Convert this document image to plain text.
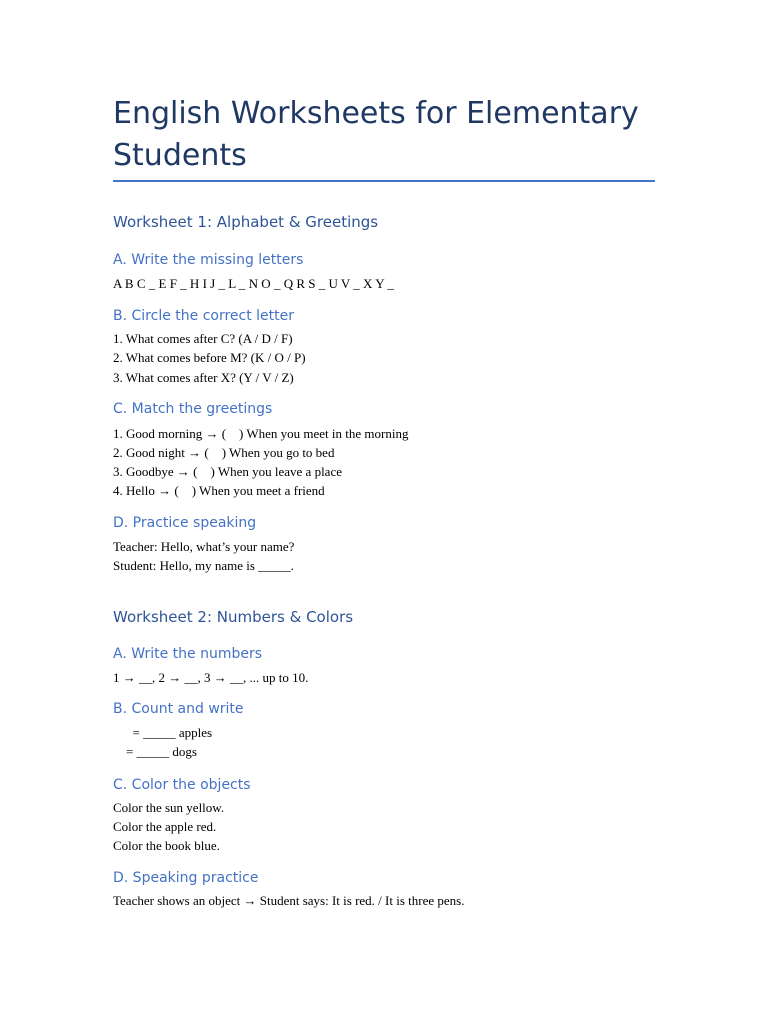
English Worksheets for Elementary Students
Worksheet 1: Alphabet & Greetings
A. Write the missing letters
A B C _ E F _ H I J _ L _ N O _ Q R S _ U V _ X Y _
B. Circle the correct letter
1. What comes after C? (A / D / F)
2. What comes before M? (K / O / P)
3. What comes after X? (Y / V / Z)
C. Match the greetings
1. Good morning → (    ) When you meet in the morning
2. Good night → (    ) When you go to bed
3. Goodbye → (    ) When you leave a place
4. Hello → (    ) When you meet a friend
D. Practice speaking
Teacher: Hello, what’s your name?
Student: Hello, my name is _____.
Worksheet 2: Numbers & Colors
A. Write the numbers
1 → __, 2 → __, 3 → __, ... up to 10.
B. Count and write
= _____ apples
= _____ dogs
C. Color the objects
Color the sun yellow.
Color the apple red.
Color the book blue.
D. Speaking practice
Teacher shows an object → Student says: It is red. / It is three pens.
